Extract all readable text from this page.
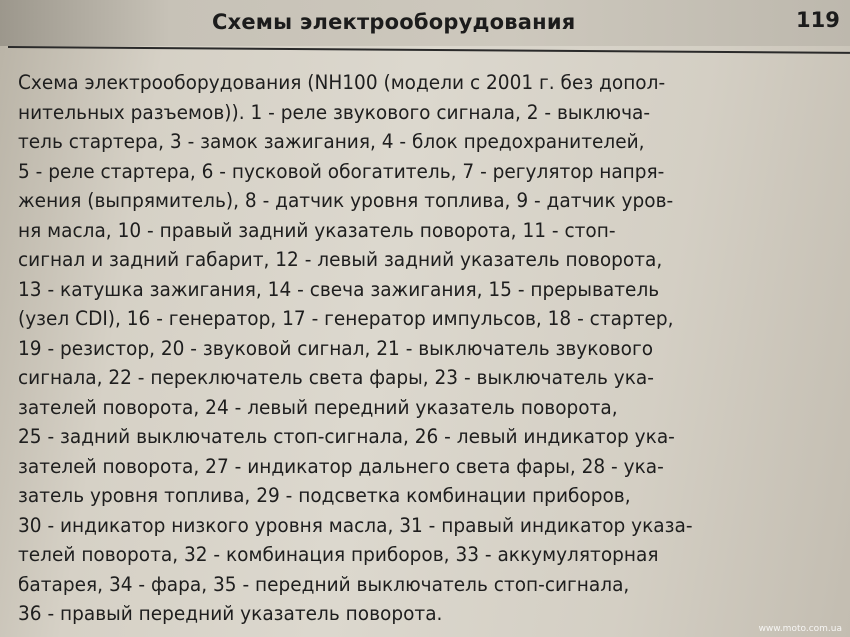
Схемы электрооборудования	119
Схема электрооборудования (NH100 (модели с 2001 г. без допол-
нительных разъемов)). 1 - реле звукового сигнала, 2 - выключа-
тель стартера, 3 - замок зажигания, 4 - блок предохранителей,
5 - реле стартера, 6 - пусковой обогатитель, 7 - регулятор напря-
жения (выпрямитель), 8 - датчик уровня топлива, 9 - датчик уров-
ня масла, 10 - правый задний указатель поворота, 11 - стоп-
сигнал и задний габарит, 12 - левый задний указатель поворота,
13 - катушка зажигания, 14 - свеча зажигания, 15 - прерыватель
(узел CDI), 16 - генератор, 17 - генератор импульсов, 18 - стартер,
19 - резистор, 20 - звуковой сигнал, 21 - выключатель звукового
сигнала, 22 - переключатель света фары, 23 - выключатель ука-
зателей поворота, 24 - левый передний указатель поворота,
25 - задний выключатель стоп-сигнала, 26 - левый индикатор ука-
зателей поворота, 27 - индикатор дальнего света фары, 28 - ука-
затель уровня топлива, 29 - подсветка комбинации приборов,
30 - индикатор низкого уровня масла, 31 - правый индикатор указа-
телей поворота, 32 - комбинация приборов, 33 - аккумуляторная
батарея, 34 - фара, 35 - передний выключатель стоп-сигнала,
36 - правый передний указатель поворота.
www.moto.com.ua
